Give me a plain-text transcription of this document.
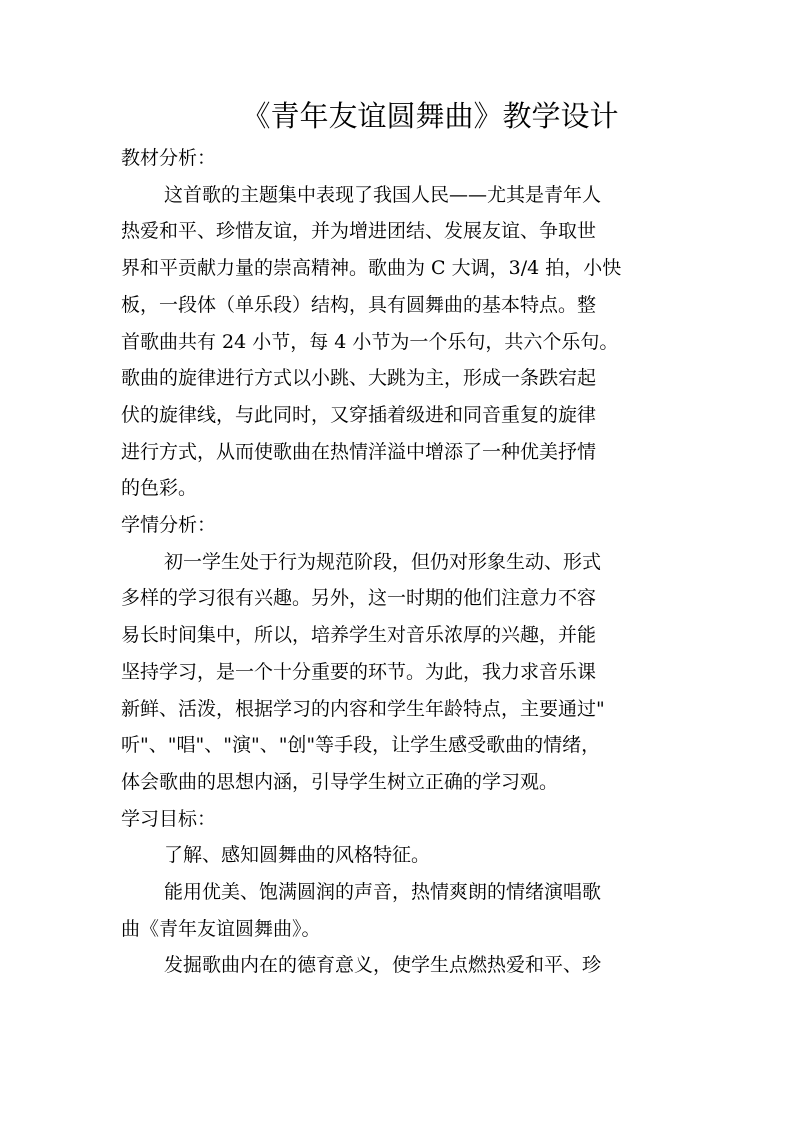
《青年友谊圆舞曲》教学设计
教材分析：

这首歌的主题集中表现了我国人民——尤其是青年人
热爱和平、珍惜友谊，并为增进团结、发展友谊、争取世
界和平贡献力量的崇高精神。歌曲为 C 大调，3/4 拍，小快
板，一段体（单乐段）结构，具有圆舞曲的基本特点。整
首歌曲共有 24 小节，每 4 小节为一个乐句，共六个乐句。
歌曲的旋律进行方式以小跳、大跳为主，形成一条跌宕起
伏的旋律线，与此同时，又穿插着级进和同音重复的旋律
进行方式，从而使歌曲在热情洋溢中增添了一种优美抒情
的色彩。

学情分析：

初一学生处于行为规范阶段，但仍对形象生动、形式
多样的学习很有兴趣。另外，这一时期的他们注意力不容
易长时间集中，所以，培养学生对音乐浓厚的兴趣，并能
坚持学习，是一个十分重要的环节。为此，我力求音乐课
新鲜、活泼，根据学习的内容和学生年龄特点，主要通过"
听"、"唱"、"演"、"创"等手段，让学生感受歌曲的情绪，
体会歌曲的思想内涵，引导学生树立正确的学习观。

学习目标：

了解、感知圆舞曲的风格特征。

能用优美、饱满圆润的声音，热情爽朗的情绪演唱歌
曲《青年友谊圆舞曲》。

发掘歌曲内在的德育意义，使学生点燃热爱和平、珍
